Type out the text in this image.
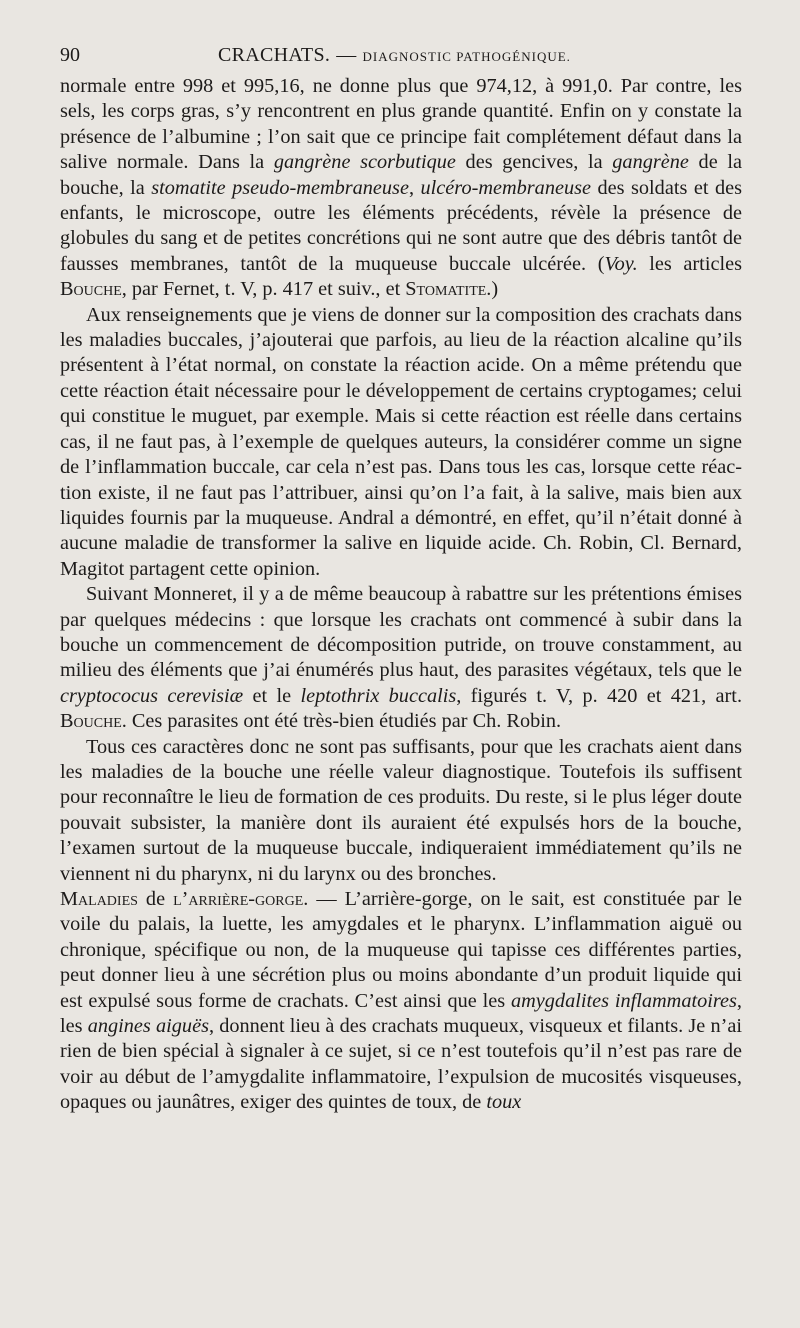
90	CRACHATS. — DIAGNOSTIC PATHOGÉNIQUE.

normale entre 998 et 995,16, ne donne plus que 974,12, à 991,0. Par contre, les sels, les corps gras, s’y rencontrent en plus grande quantité. Enfin on y constate la présence de l’albumine ; l’on sait que ce principe fait complétement défaut dans la salive normale. Dans la gangrène scorbutique des gencives, la gangrène de la bouche, la stomatite pseudo-membraneuse, ulcéro-membraneuse des soldats et des enfants, le microscope, outre les éléments précédents, révèle la présence de globules du sang et de petites concrétions qui ne sont autre que des débris tantôt de fausses membranes, tantôt de la muqueuse buccale ulcérée. (Voy. les articles Bouche, par Fernet, t. V, p. 417 et suiv., et Stomatite.)

Aux renseignements que je viens de donner sur la composition des crachats dans les maladies buccales, j’ajouterai que parfois, au lieu de la réaction alcaline qu’ils présentent à l’état normal, on constate la réaction acide. On a même prétendu que cette réaction était nécessaire pour le développement de certains cryptogames; celui qui constitue le muguet, par exemple. Mais si cette réaction est réelle dans certains cas, il ne faut pas, à l’exemple de quelques auteurs, la considérer comme un signe de l’inflammation buccale, car cela n’est pas. Dans tous les cas, lorsque cette réaction existe, il ne faut pas l’attribuer, ainsi qu’on l’a fait, à la salive, mais bien aux liquides fournis par la muqueuse. Andral a démontré, en effet, qu’il n’était donné à aucune maladie de transformer la salive en liquide acide. Ch. Robin, Cl. Bernard, Magitot partagent cette opinion.

Suivant Monneret, il y a de même beaucoup à rabattre sur les prétentions émises par quelques médecins : que lorsque les crachats ont commencé à subir dans la bouche un commencement de décomposition putride, on trouve constamment, au milieu des éléments que j’ai énumérés plus haut, des parasites végétaux, tels que le cryptococus cerevisiæ et le leptothrix buccalis, figurés t. V, p. 420 et 421, art. Bouche. Ces parasites ont été très-bien étudiés par Ch. Robin.

Tous ces caractères donc ne sont pas suffisants, pour que les crachats aient dans les maladies de la bouche une réelle valeur diagnostique. Toutefois ils suffisent pour reconnaître le lieu de formation de ces produits. Du reste, si le plus léger doute pouvait subsister, la manière dont ils auraient été expulsés hors de la bouche, l’examen surtout de la muqueuse buccale, indiqueraient immédiatement qu’ils ne viennent ni du pharynx, ni du larynx ou des bronches.

Maladies de l’arrière-gorge. — L’arrière-gorge, on le sait, est constituée par le voile du palais, la luette, les amygdales et le pharynx. L’inflammation aiguë ou chronique, spécifique ou non, de la muqueuse qui tapisse ces différentes parties, peut donner lieu à une sécrétion plus ou moins abondante d’un produit liquide qui est expulsé sous forme de crachats. C’est ainsi que les amygdalites inflammatoires, les angines aiguës, donnent lieu à des crachats muqueux, visqueux et filants. Je n’ai rien de bien spécial à signaler à ce sujet, si ce n’est toutefois qu’il n’est pas rare de voir au début de l’amygdalite inflammatoire, l’expulsion de mucosités visqueuses, opaques ou jaunâtres, exiger des quintes de toux, de toux
